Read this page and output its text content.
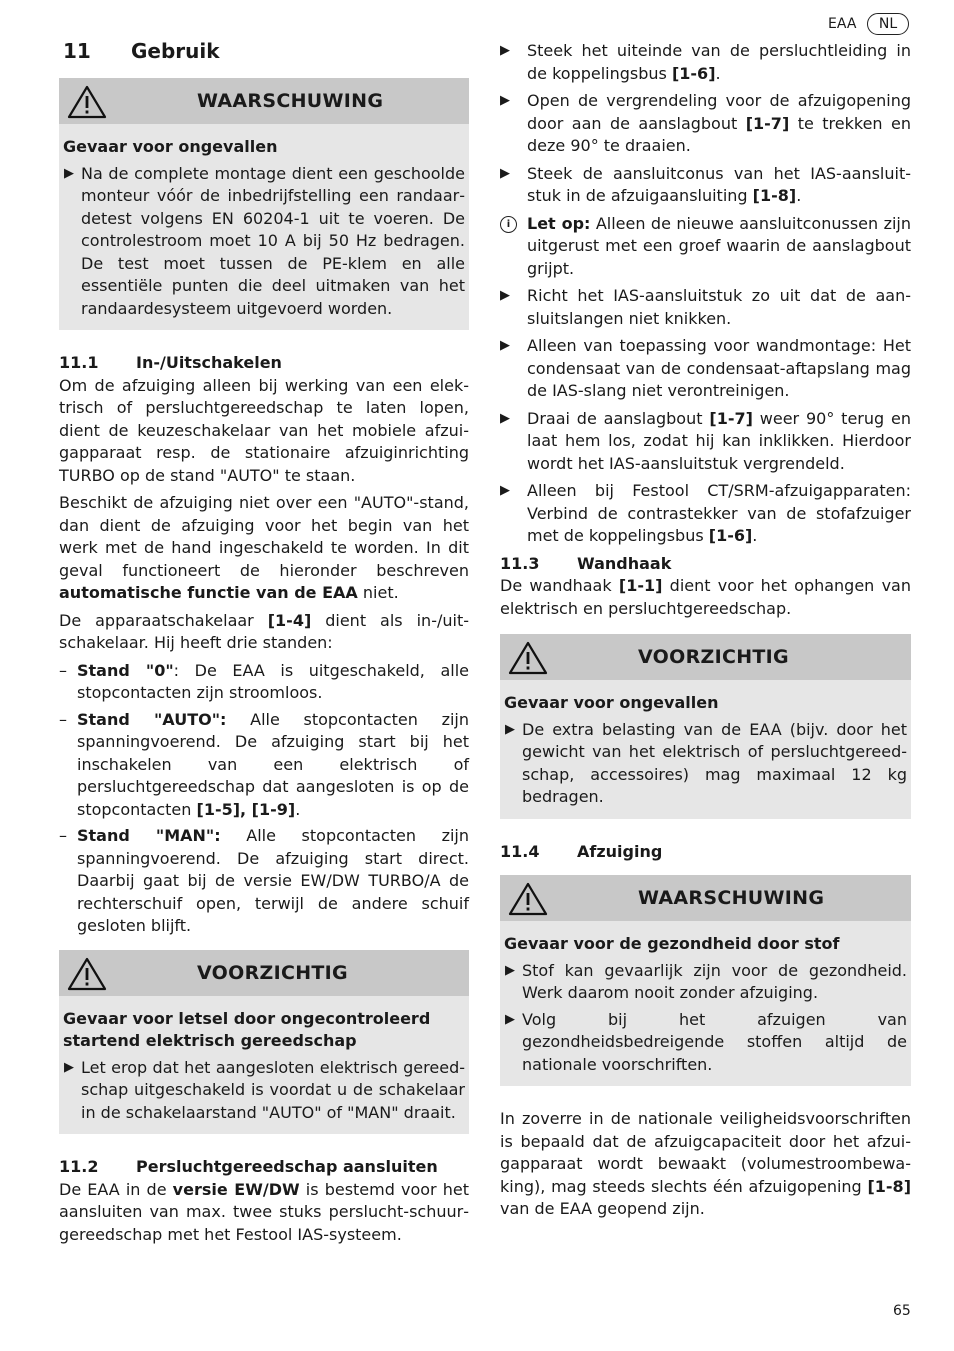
EAA	NL
11 Gebruik
WAARSCHUWING
Gevaar voor ongevallen
▶ Na de complete montage dient een geschoolde monteur vóór de inbedrijfstelling een randaardetest volgens EN 60204-1 uit te voeren. De controlestroom moet 10 A bij 50 Hz bedragen. De test moet tussen de PE-klem en alle essentiële punten die deel uitmaken van het randaardesysteem uitgevoerd worden.
11.1 In-/Uitschakelen

Om de afzuiging alleen bij werking van een elektrisch of persluchtgereedschap te laten lopen, dient de keuzeschakelaar van het mobiele afzuigapparaat resp. de stationaire afzuiginrichting TURBO op de stand "AUTO" te staan.

Beschikt de afzuiging niet over een "AUTO"-stand, dan dient de afzuiging voor het begin van het werk met de hand ingeschakeld te worden. In dit geval functioneert de hieronder beschreven automatische functie van de EAA niet.

De apparaatschakelaar [1-4] dient als in-/uitschakelaar. Hij heeft drie standen:

– Stand "0": De EAA is uitgeschakeld, alle stopcontacten zijn stroomloos.
– Stand "AUTO": Alle stopcontacten zijn spanningvoerend. De afzuiging start bij het inschakelen van een elektrisch of persluchtgereedschap dat aangesloten is op de stopcontacten [1-5], [1-9].
– Stand "MAN": Alle stopcontacten zijn spanningvoerend. De afzuiging start direct. Daarbij gaat bij de versie EW/DW TURBO/A de rechterschuif open, terwijl de andere schuif gesloten blijft.
VOORZICHTIG
Gevaar voor letsel door ongecontroleerd startend elektrisch gereedschap
▶ Let erop dat het aangesloten elektrisch gereedschap uitgeschakeld is voordat u de schakelaar in de schakelaarstand "AUTO" of "MAN" draait.
11.2 Persluchtgereedschap aansluiten

De EAA in de versie EW/DW is bestemd voor het aansluiten van max. twee stuks perslucht-schuurgereedschap met het Festool IAS-systeem.

▶ Steek het uiteinde van de persluchtleiding in de koppelingsbus [1-6].
▶ Open de vergrendeling voor de afzuigopening door aan de aanslagbout [1-7] te trekken en deze 90° te draaien.
▶ Steek de aansluitconus van het IAS-aansluitstuk in de afzuigaansluiting [1-8].
i	Let op: Alleen de nieuwe aansluitconussen zijn uitgerust met een groef waarin de aanslagbout grijpt.
▶ Richt het IAS-aansluitstuk zo uit dat de aansluitslangen niet knikken.
▶ Alleen van toepassing voor wandmontage: Het condensaat van de condensaat-aftapslang mag de IAS-slang niet verontreinigen.
▶ Draai de aanslagbout [1-7] weer 90° terug en laat hem los, zodat hij kan inklikken. Hierdoor wordt het IAS-aansluitstuk vergrendeld.
▶ Alleen bij Festool CT/SRM-afzuigapparaten: Verbind de contrastekker van de stofafzuiger met de koppelingsbus [1-6].
11.3 Wandhaak

De wandhaak [1-1] dient voor het ophangen van elektrisch en persluchtgereedschap.

VOORZICHTIG
Gevaar voor ongevallen
▶ De extra belasting van de EAA (bijv. door het gewicht van het elektrisch of persluchtgereedschap, accessoires) mag maximaal 12 kg bedragen.
11.4 Afzuiging
WAARSCHUWING
Gevaar voor de gezondheid door stof
▶ Stof kan gevaarlijk zijn voor de gezondheid. Werk daarom nooit zonder afzuiging.
▶ Volg bij het afzuigen van gezondheidsbedreigende stoffen altijd de nationale voorschriften.

In zoverre in de nationale veiligheidsvoorschriften is bepaald dat de afzuigcapaciteit door het afzuigapparaat wordt bewaakt (volumestroombewaking), mag steeds slechts één afzuigopening [1-8] van de EAA geopend zijn.

65
